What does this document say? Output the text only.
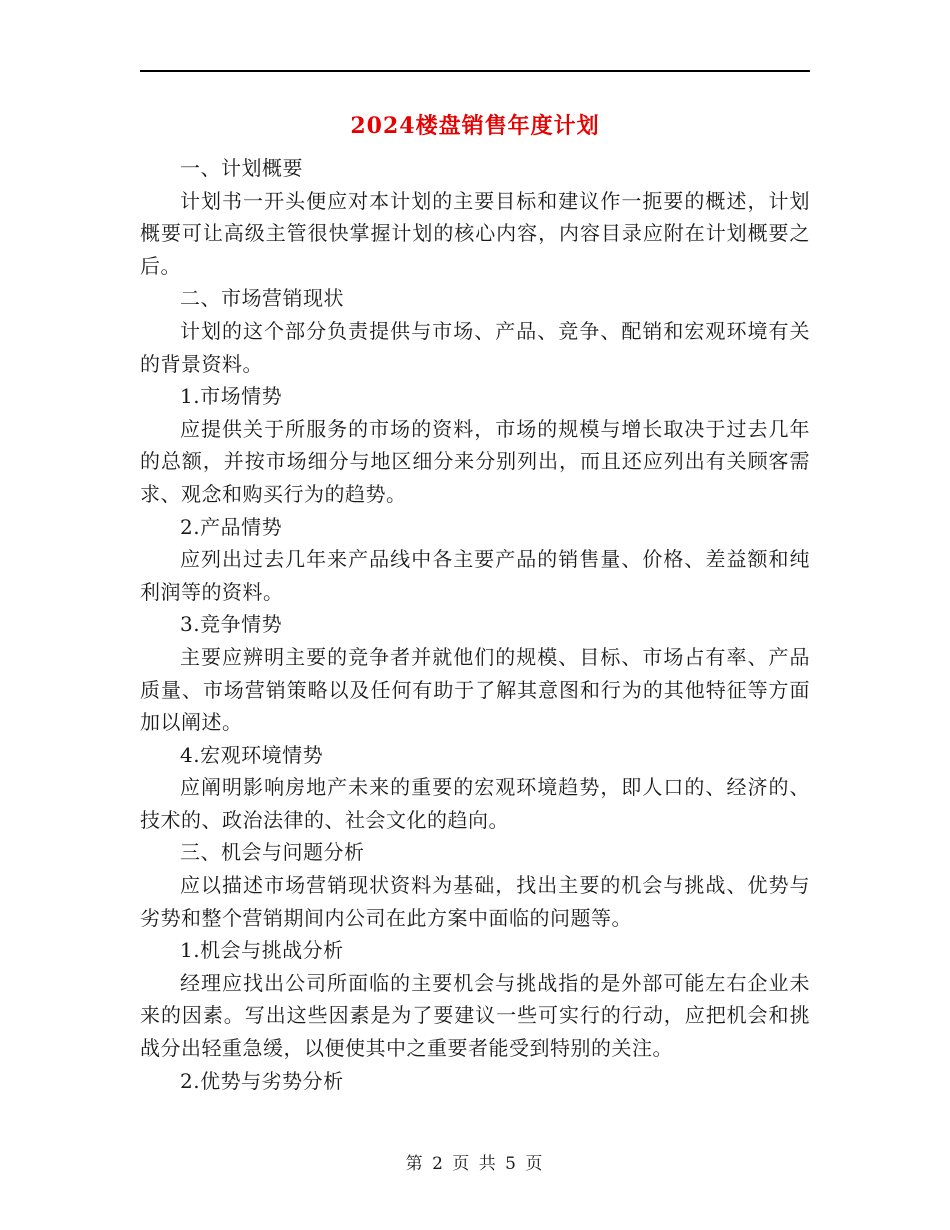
2024楼盘销售年度计划

一、计划概要

计划书一开头便应对本计划的主要目标和建议作一扼要的概述，计划概要可让高级主管很快掌握计划的核心内容，内容目录应附在计划概要之后。

二、市场营销现状

计划的这个部分负责提供与市场、产品、竞争、配销和宏观环境有关的背景资料。

1.市场情势

应提供关于所服务的市场的资料，市场的规模与增长取决于过去几年的总额，并按市场细分与地区细分来分别列出，而且还应列出有关顾客需求、观念和购买行为的趋势。

2.产品情势

应列出过去几年来产品线中各主要产品的销售量、价格、差益额和纯利润等的资料。

3.竞争情势

主要应辨明主要的竞争者并就他们的规模、目标、市场占有率、产品质量、市场营销策略以及任何有助于了解其意图和行为的其他特征等方面加以阐述。

4.宏观环境情势

应阐明影响房地产未来的重要的宏观环境趋势，即人口的、经济的、技术的、政治法律的、社会文化的趋向。

三、机会与问题分析

应以描述市场营销现状资料为基础，找出主要的机会与挑战、优势与劣势和整个营销期间内公司在此方案中面临的问题等。

1.机会与挑战分析

经理应找出公司所面临的主要机会与挑战指的是外部可能左右企业未来的因素。写出这些因素是为了要建议一些可实行的行动，应把机会和挑战分出轻重急缓，以便使其中之重要者能受到特别的关注。

2.优势与劣势分析

第 2 页 共 5 页
